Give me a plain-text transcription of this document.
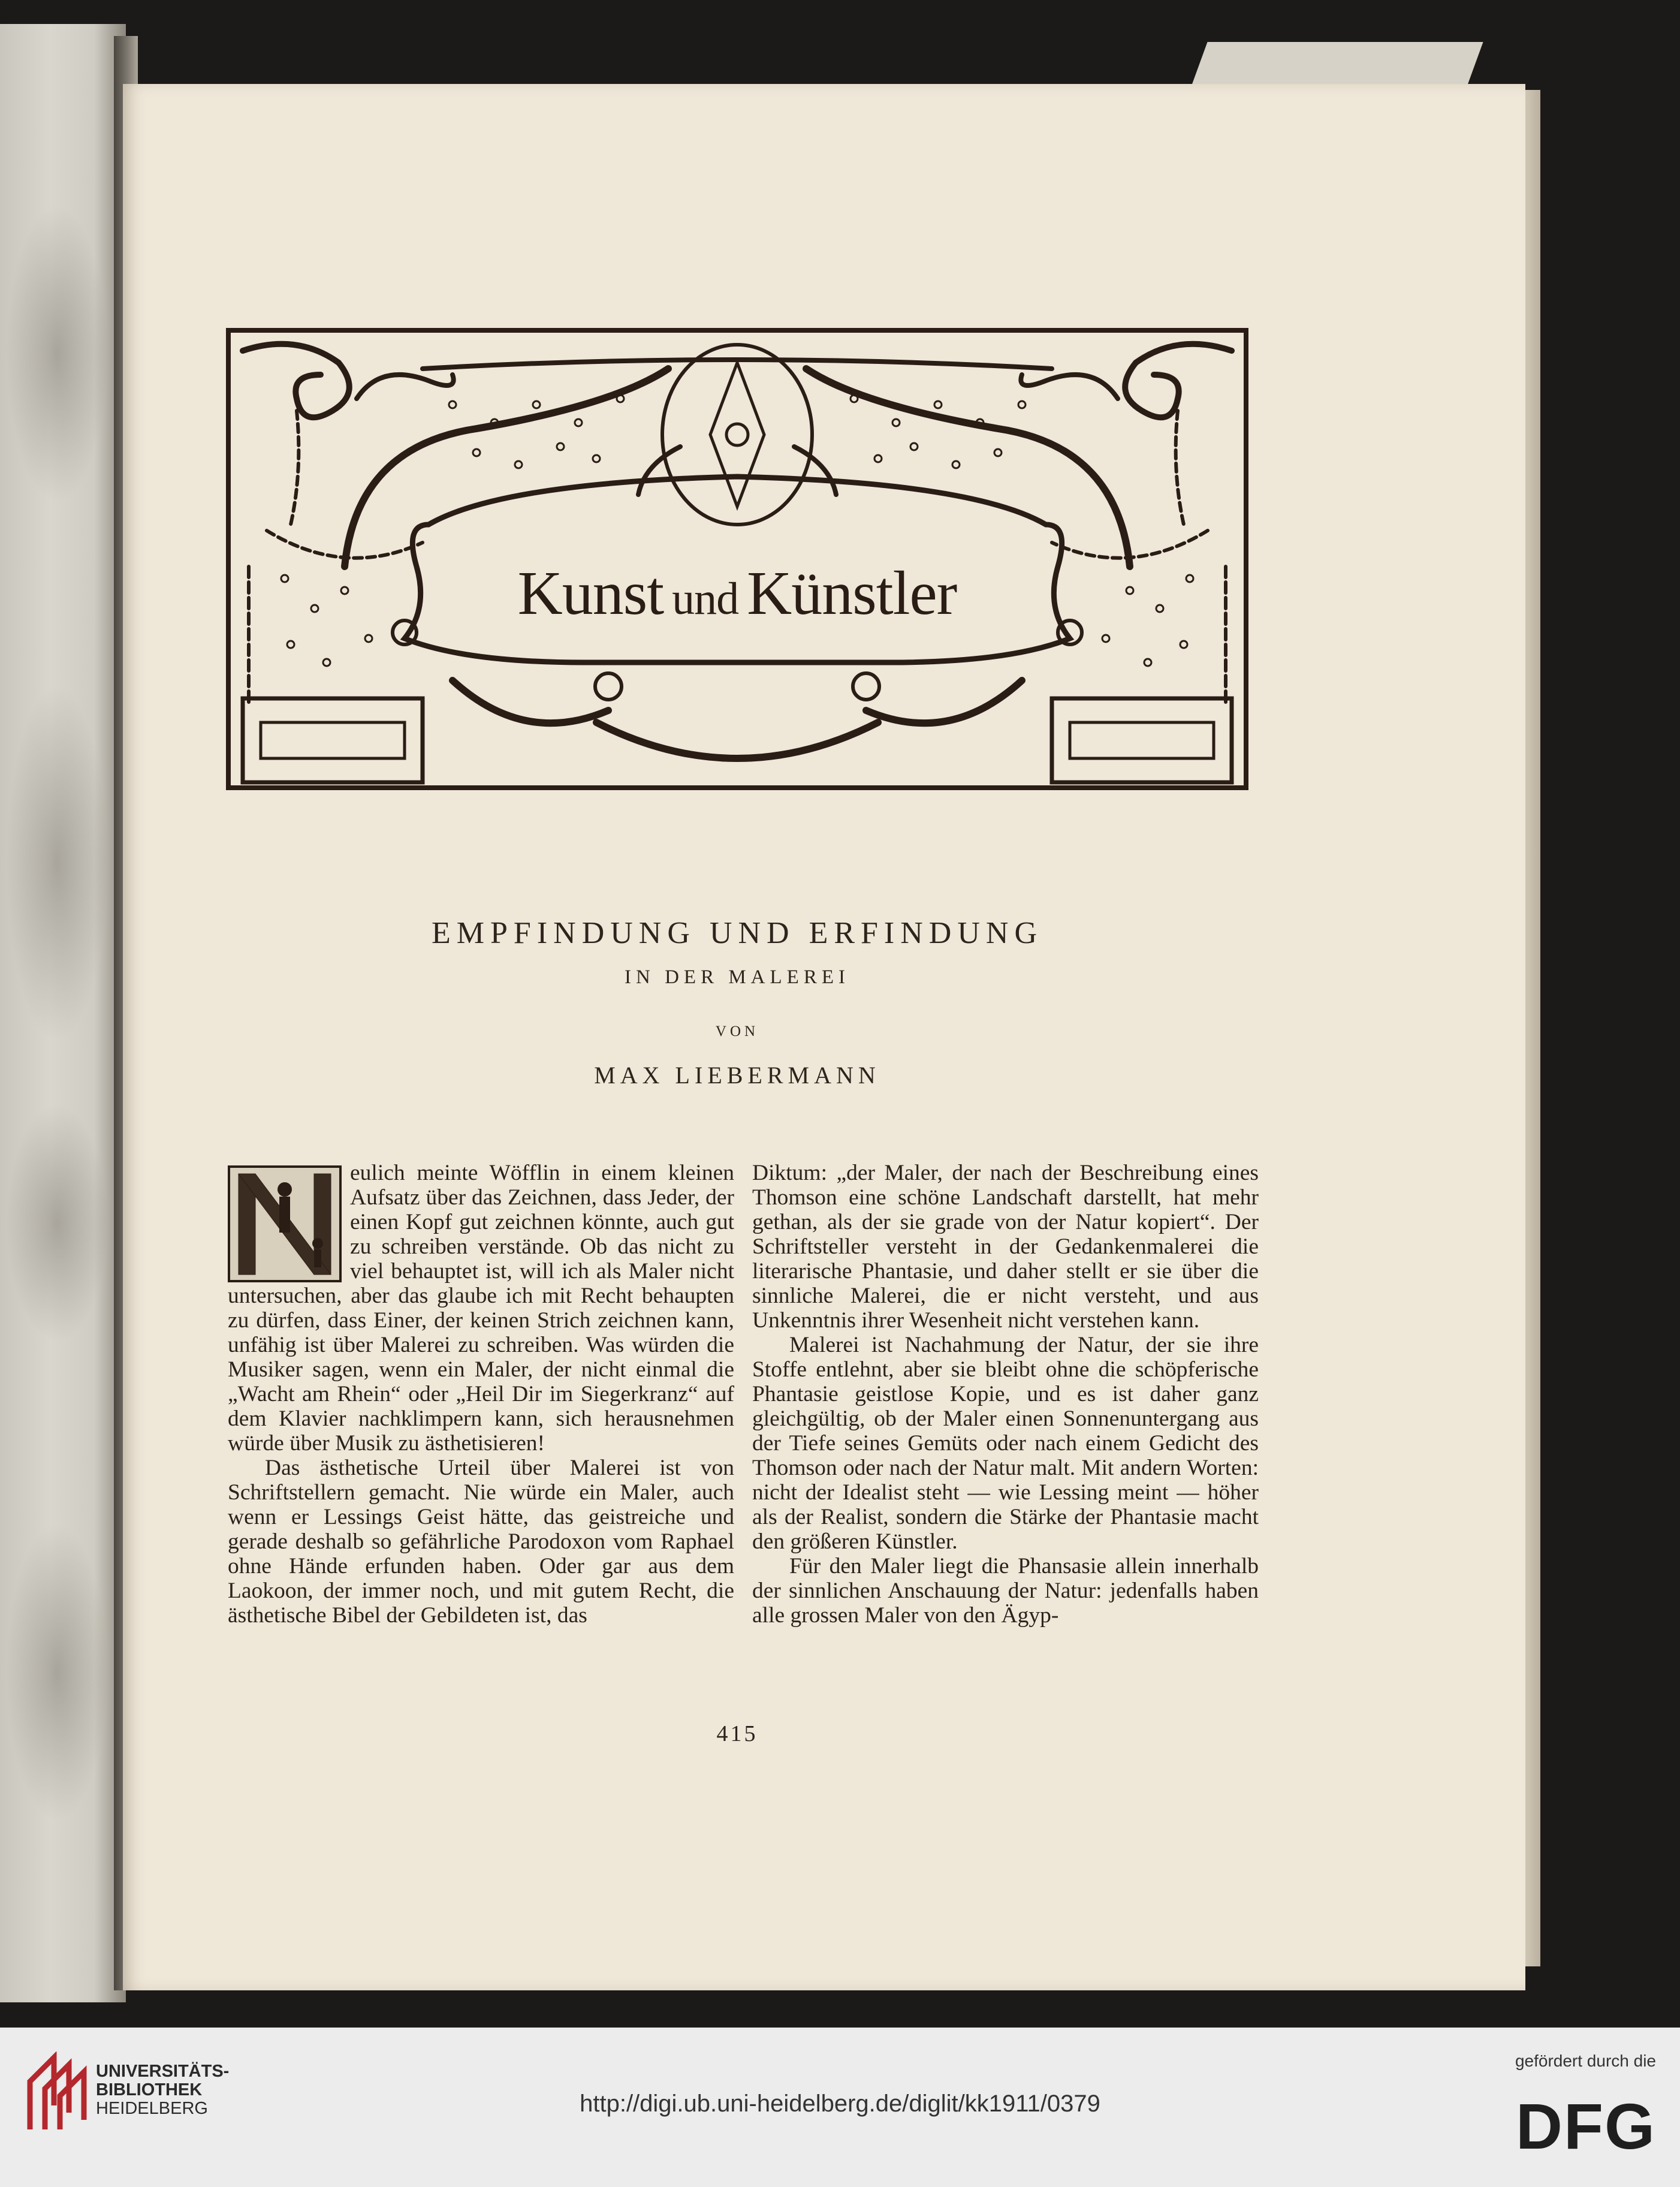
Kunst und Künstler
EMPFINDUNG UND ERFINDUNG
IN DER MALEREI
VON
MAX LIEBERMANN

eulich meinte Wöfflin in einem kleinen Aufsatz über das Zeichnen, dass Jeder, der einen Kopf gut zeichnen könnte, auch gut zu schreiben verstände. Ob das nicht zu viel behauptet ist, will ich als Maler nicht untersuchen, aber das glaube ich mit Recht behaupten zu dürfen, dass Einer, der keinen Strich zeichnen kann, unfähig ist über Malerei zu schreiben. Was würden die Musiker sagen, wenn ein Maler, der nicht einmal die „Wacht am Rhein“ oder „Heil Dir im Siegerkranz“ auf dem Klavier nachklimpern kann, sich herausnehmen würde über Musik zu ästhetisieren!

Das ästhetische Urteil über Malerei ist von Schriftstellern gemacht. Nie würde ein Maler, auch wenn er Lessings Geist hätte, das geistreiche und gerade deshalb so gefährliche Parodoxon vom Raphael ohne Hände erfunden haben. Oder gar aus dem Laokoon, der immer noch, und mit gutem Recht, die ästhetische Bibel der Gebildeten ist, das

Diktum: „der Maler, der nach der Beschreibung eines Thomson eine schöne Landschaft darstellt, hat mehr gethan, als der sie grade von der Natur kopiert“. Der Schriftsteller versteht in der Gedankenmalerei die literarische Phantasie, und daher stellt er sie über die sinnliche Malerei, die er nicht versteht, und aus Unkenntnis ihrer Wesenheit nicht verstehen kann.

Malerei ist Nachahmung der Natur, der sie ihre Stoffe entlehnt, aber sie bleibt ohne die schöpferische Phantasie geistlose Kopie, und es ist daher ganz gleichgültig, ob der Maler einen Sonnenuntergang aus der Tiefe seines Gemüts oder nach einem Gedicht des Thomson oder nach der Natur malt. Mit andern Worten: nicht der Idealist steht — wie Lessing meint — höher als der Realist, sondern die Stärke der Phantasie macht den größeren Künstler.

Für den Maler liegt die Phansasie allein innerhalb der sinnlichen Anschauung der Natur: jedenfalls haben alle grossen Maler von den Ägyp-

415
UNIVERSITÄTS-
BIBLIOTHEK
HEIDELBERG	http://digi.ub.uni-heidelberg.de/diglit/kk1911/0379
gefördert durch die
DFG
